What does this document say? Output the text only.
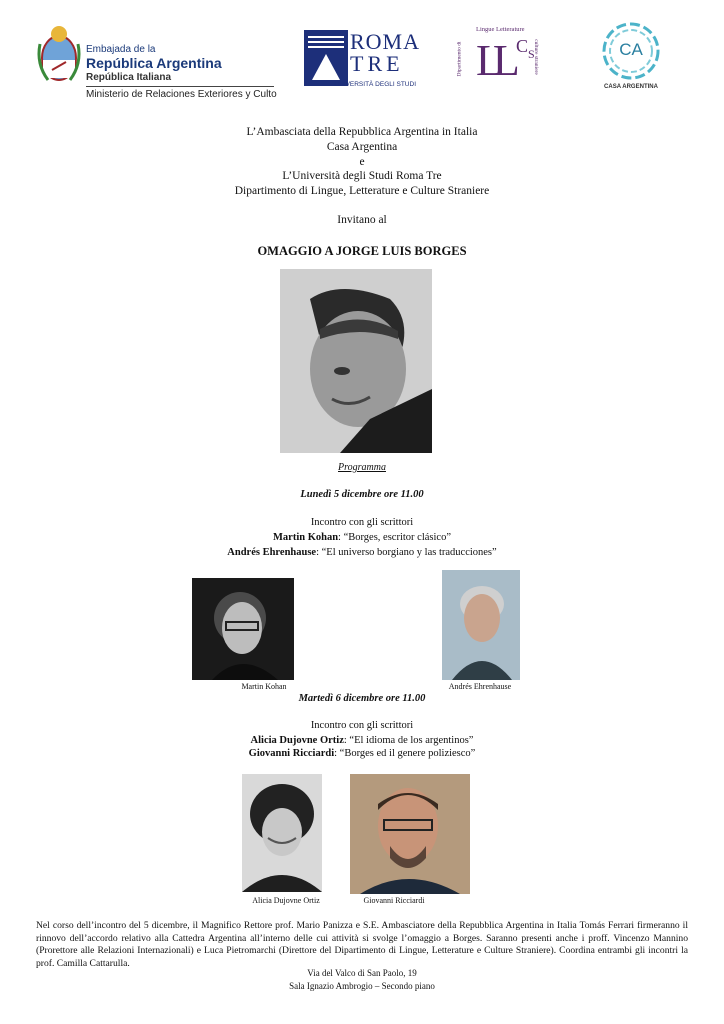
Embajada de la
República Argentina
República Italiana
Ministerio de Relaciones Exteriores y Culto
ROMA
TRE
UNIVERSITÀ DEGLI STUDI
Lingue Letterature
Dipartimento di LL $C_S$
culture straniere	CA
CASA ARGENTINA
L’Ambasciata della Repubblica Argentina in Italia
Casa Argentina
e
L’Università degli Studi Roma Tre
Dipartimento di Lingue, Letterature e Culture Straniere
Invitano al
OMAGGIO A JORGE LUIS BORGES
Programma
Lunedì 5 dicembre ore 11.00
Incontro con gli scrittori
Martin Kohan: “Borges, escritor clásico”
Andrés Ehrenhause: “El universo borgiano y las traducciones”
Martin Kohan	Andrés Ehrenhause
Martedì 6 dicembre ore 11.00
Incontro con gli scrittori
Alicia Dujovne Ortiz: “El idioma de los argentinos”
Giovanni Ricciardi: “Borges ed il genere poliziesco”
Alicia Dujovne Ortiz	Giovanni Ricciardi
Nel corso dell’incontro del 5 dicembre, il Magnifico Rettore prof. Mario Panizza e S.E. Ambasciatore della Repubblica Argentina in Italia Tomás Ferrari firmeranno il rinnovo dell’accordo relativo alla Cattedra Argentina all’interno delle cui attività si svolge l’omaggio a Borges. Saranno presenti anche i proff. Vincenzo Mannino (Prorettore alle Relazioni Internazionali) e Luca Pietromarchi (Direttore del Dipartimento di Lingue, Letterature e Culture Straniere). Coordina entrambi gli incontri la prof. Camilla Cattarulla.
Via del Valco di San Paolo, 19
Sala Ignazio Ambrogio – Secondo piano
